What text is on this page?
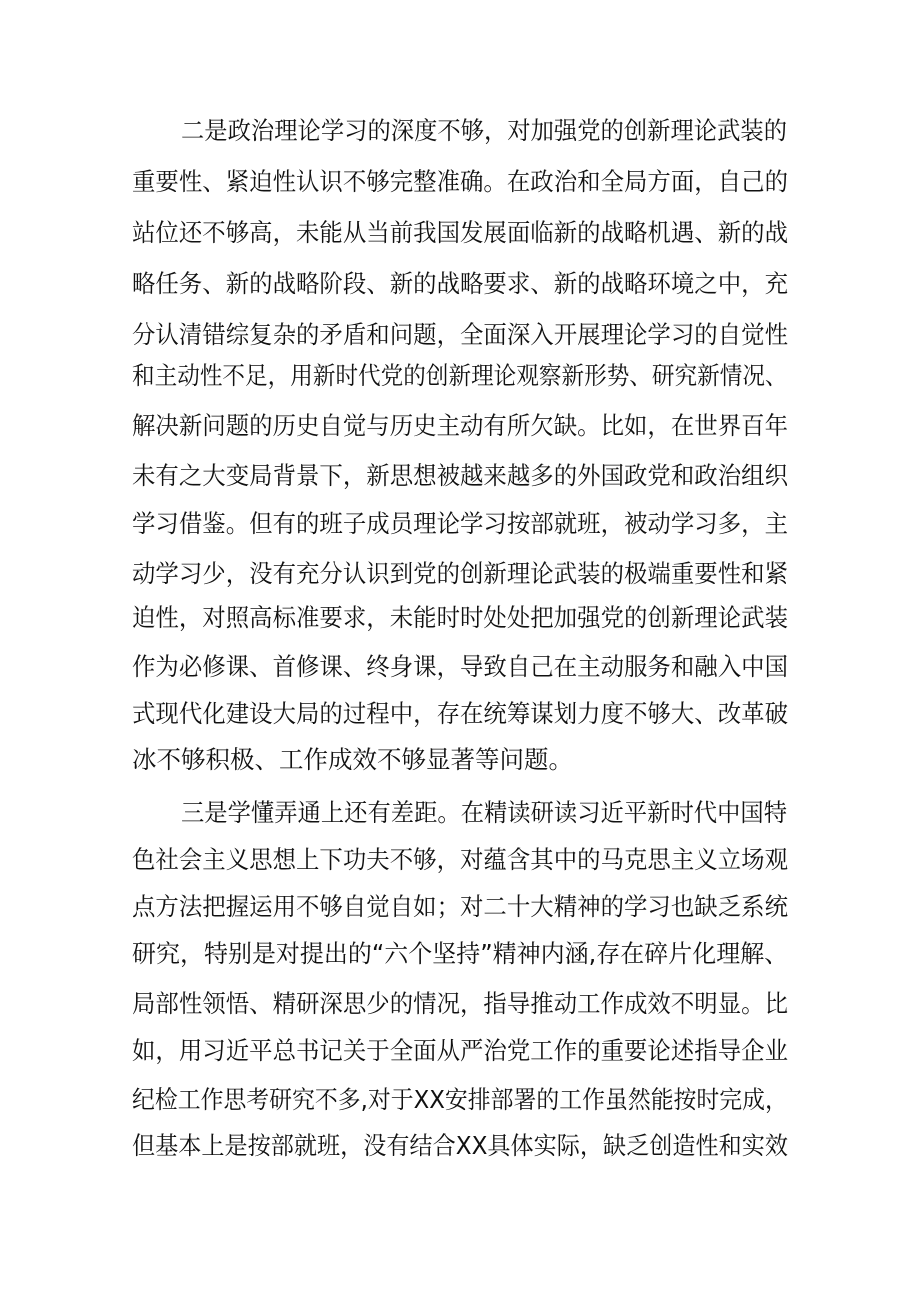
二是政治理论学习的深度不够，对加强党的创新理论武装的

重要性、紧迫性认识不够完整准确。在政治和全局方面，自己的

站位还不够高，未能从当前我国发展面临新的战略机遇、新的战

略任务、新的战略阶段、新的战略要求、新的战略环境之中，充

分认清错综复杂的矛盾和问题，全面深入开展理论学习的自觉性

和主动性不足，用新时代党的创新理论观察新形势、研究新情况、

解决新问题的历史自觉与历史主动有所欠缺。比如，在世界百年

未有之大变局背景下，新思想被越来越多的外国政党和政治组织

学习借鉴。但有的班子成员理论学习按部就班，被动学习多，主

动学习少，没有充分认识到党的创新理论武装的极端重要性和紧

迫性，对照高标准要求，未能时时处处把加强党的创新理论武装

作为必修课、首修课、终身课，导致自己在主动服务和融入中国

式现代化建设大局的过程中，存在统筹谋划力度不够大、改革破

冰不够积极、工作成效不够显著等问题。

三是学懂弄通上还有差距。在精读研读习近平新时代中国特

色社会主义思想上下功夫不够，对蕴含其中的马克思主义立场观

点方法把握运用不够自觉自如；对二十大精神的学习也缺乏系统

研究，特别是对提出的“六个坚持”精神内涵,存在碎片化理解、

局部性领悟、精研深思少的情况，指导推动工作成效不明显。比

如，用习近平总书记关于全面从严治党工作的重要论述指导企业

纪检工作思考研究不多,对于XX安排部署的工作虽然能按时完成，

但基本上是按部就班，没有结合XX具体实际，缺乏创造性和实效
